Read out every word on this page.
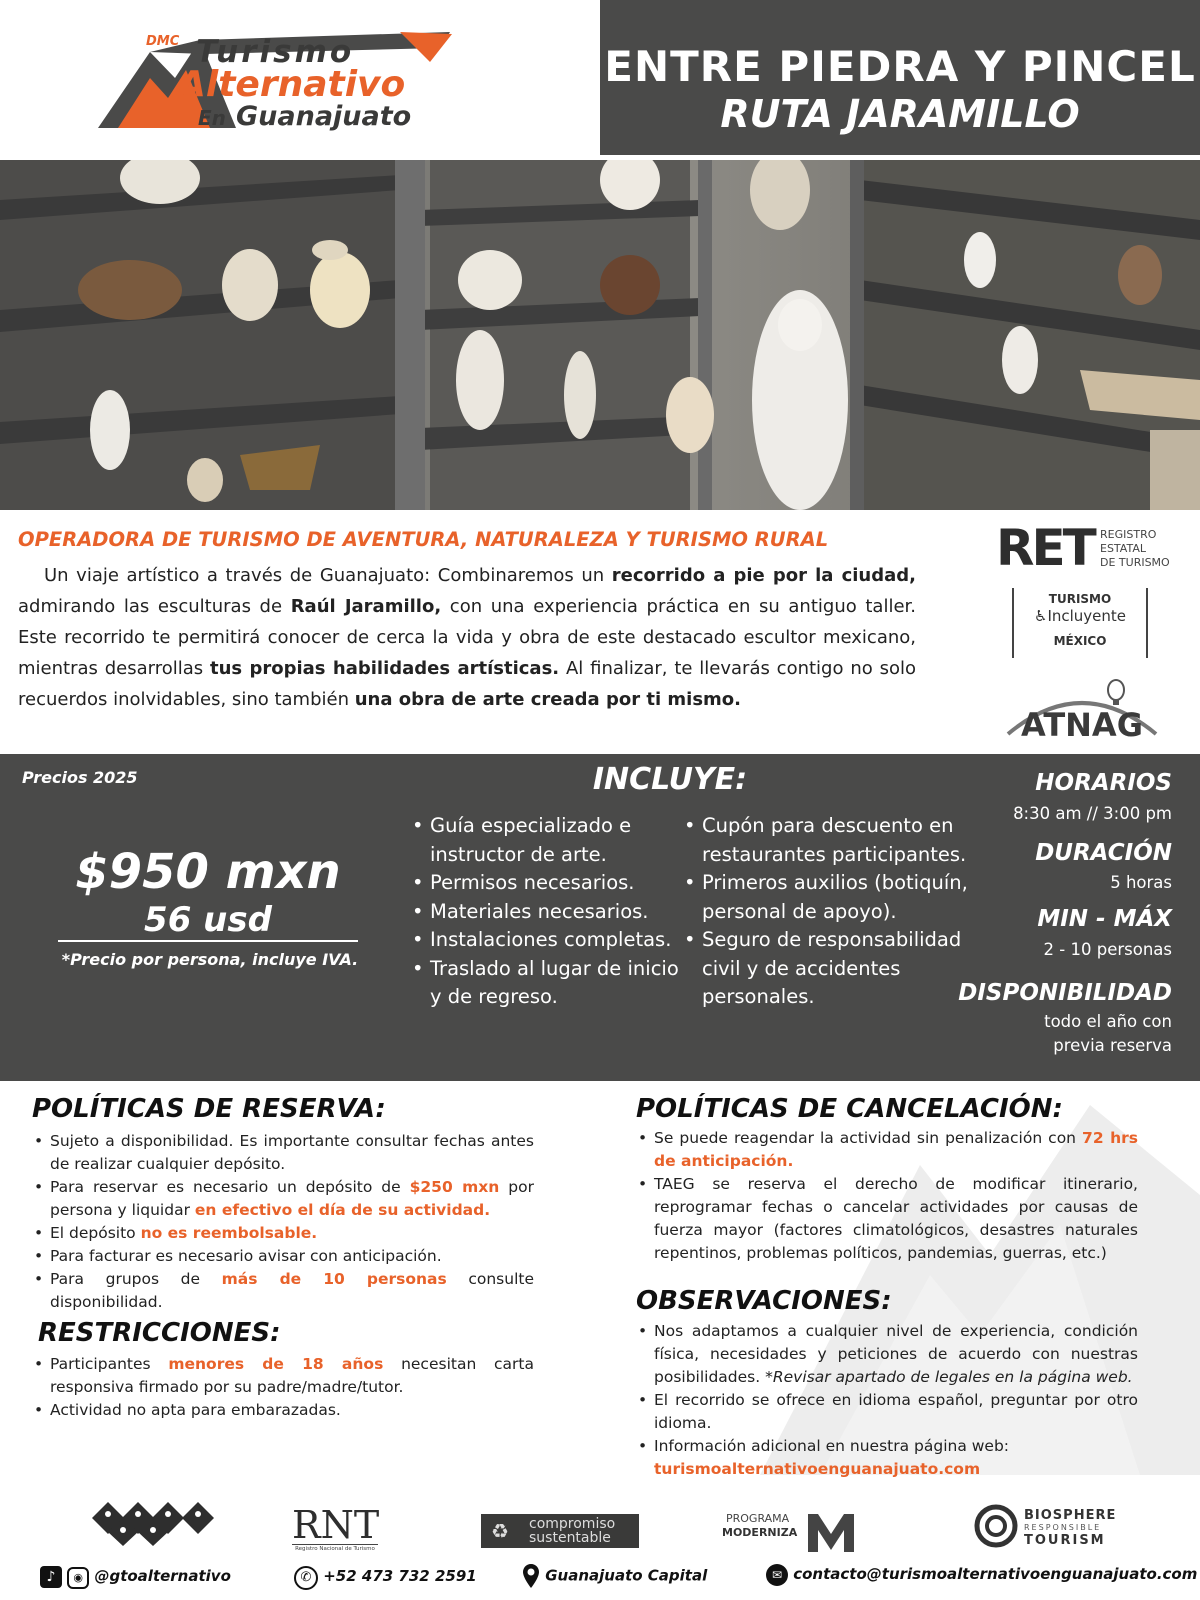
DMC Turismo
Alternativo
En Guanajuato
ENTRE PIEDRA Y PINCEL
RUTA JARAMILLO
OPERADORA DE TURISMO DE AVENTURA, NATURALEZA Y TURISMO RURAL
Un viaje artístico a través de Guanajuato: Combinaremos un recorrido a pie por la ciudad, admirando las esculturas de Raúl Jaramillo, con una experiencia práctica en su antiguo taller. Este recorrido te permitirá conocer de cerca la vida y obra de este destacado escultor mexicano, mientras desarrollas tus propias habilidades artísticas. Al finalizar, te llevarás contigo no solo recuerdos inolvidables, sino también una obra de arte creada por ti mismo.
RET REGISTRO
ESTATAL
DE TURISMO
TURISMO
♿Incluyente
MÉXICO
ATNAG
Precios 2025
$950 mxn
56 usd
*Precio por persona, incluye IVA.
INCLUYE:
• Guía especializado e instructor de arte.
• Permisos necesarios.
• Materiales necesarios.
• Instalaciones completas.
• Traslado al lugar de inicio y de regreso.
• Cupón para descuento en restaurantes participantes.
• Primeros auxilios (botiquín, personal de apoyo).
• Seguro de responsabilidad civil y de accidentes personales.
HORARIOS
8:30 am // 3:00 pm
DURACIÓN
5 horas
MIN - MÁX
2 - 10 personas
DISPONIBILIDAD
todo el año con
previa reserva
POLÍTICAS DE RESERVA:
• Sujeto a disponibilidad. Es importante consultar fechas antes de realizar cualquier depósito.
• Para reservar es necesario un depósito de $250 mxn por persona y liquidar en efectivo el día de su actividad.
• El depósito no es reembolsable.
• Para facturar es necesario avisar con anticipación.
• Para grupos de más de 10 personas consulte disponibilidad.
RESTRICCIONES:
• Participantes menores de 18 años necesitan carta responsiva firmado por su padre/madre/tutor.
• Actividad no apta para embarazadas.
POLÍTICAS DE CANCELACIÓN:
• Se puede reagendar la actividad sin penalización con 72 hrs de anticipación.
• TAEG se reserva el derecho de modificar itinerario, reprogramar fechas o cancelar actividades por causas de fuerza mayor (factores climatológicos, desastres naturales repentinos, problemas políticos, pandemias, guerras, etc.)
OBSERVACIONES:
• Nos adaptamos a cualquier nivel de experiencia, condición física, necesidades y peticiones de acuerdo con nuestras posibilidades. *Revisar apartado de legales en la página web.
• El recorrido se ofrece en idioma español, preguntar por otro idioma.
• Información adicional en nuestra página web:
turismoalternativoenguanajuato.com
RNT
Registro Nacional de Turismo
♻ compromiso
sustentable
PROGRAMA
MODERNIZA
BIOSPHERE
RESPONSIBLE
TOURISM
♪ ◉ @gtoalternativo	✆ +52 473 732 2591	Guanajuato Capital	✉ contacto@turismoalternativoenguanajuato.com
